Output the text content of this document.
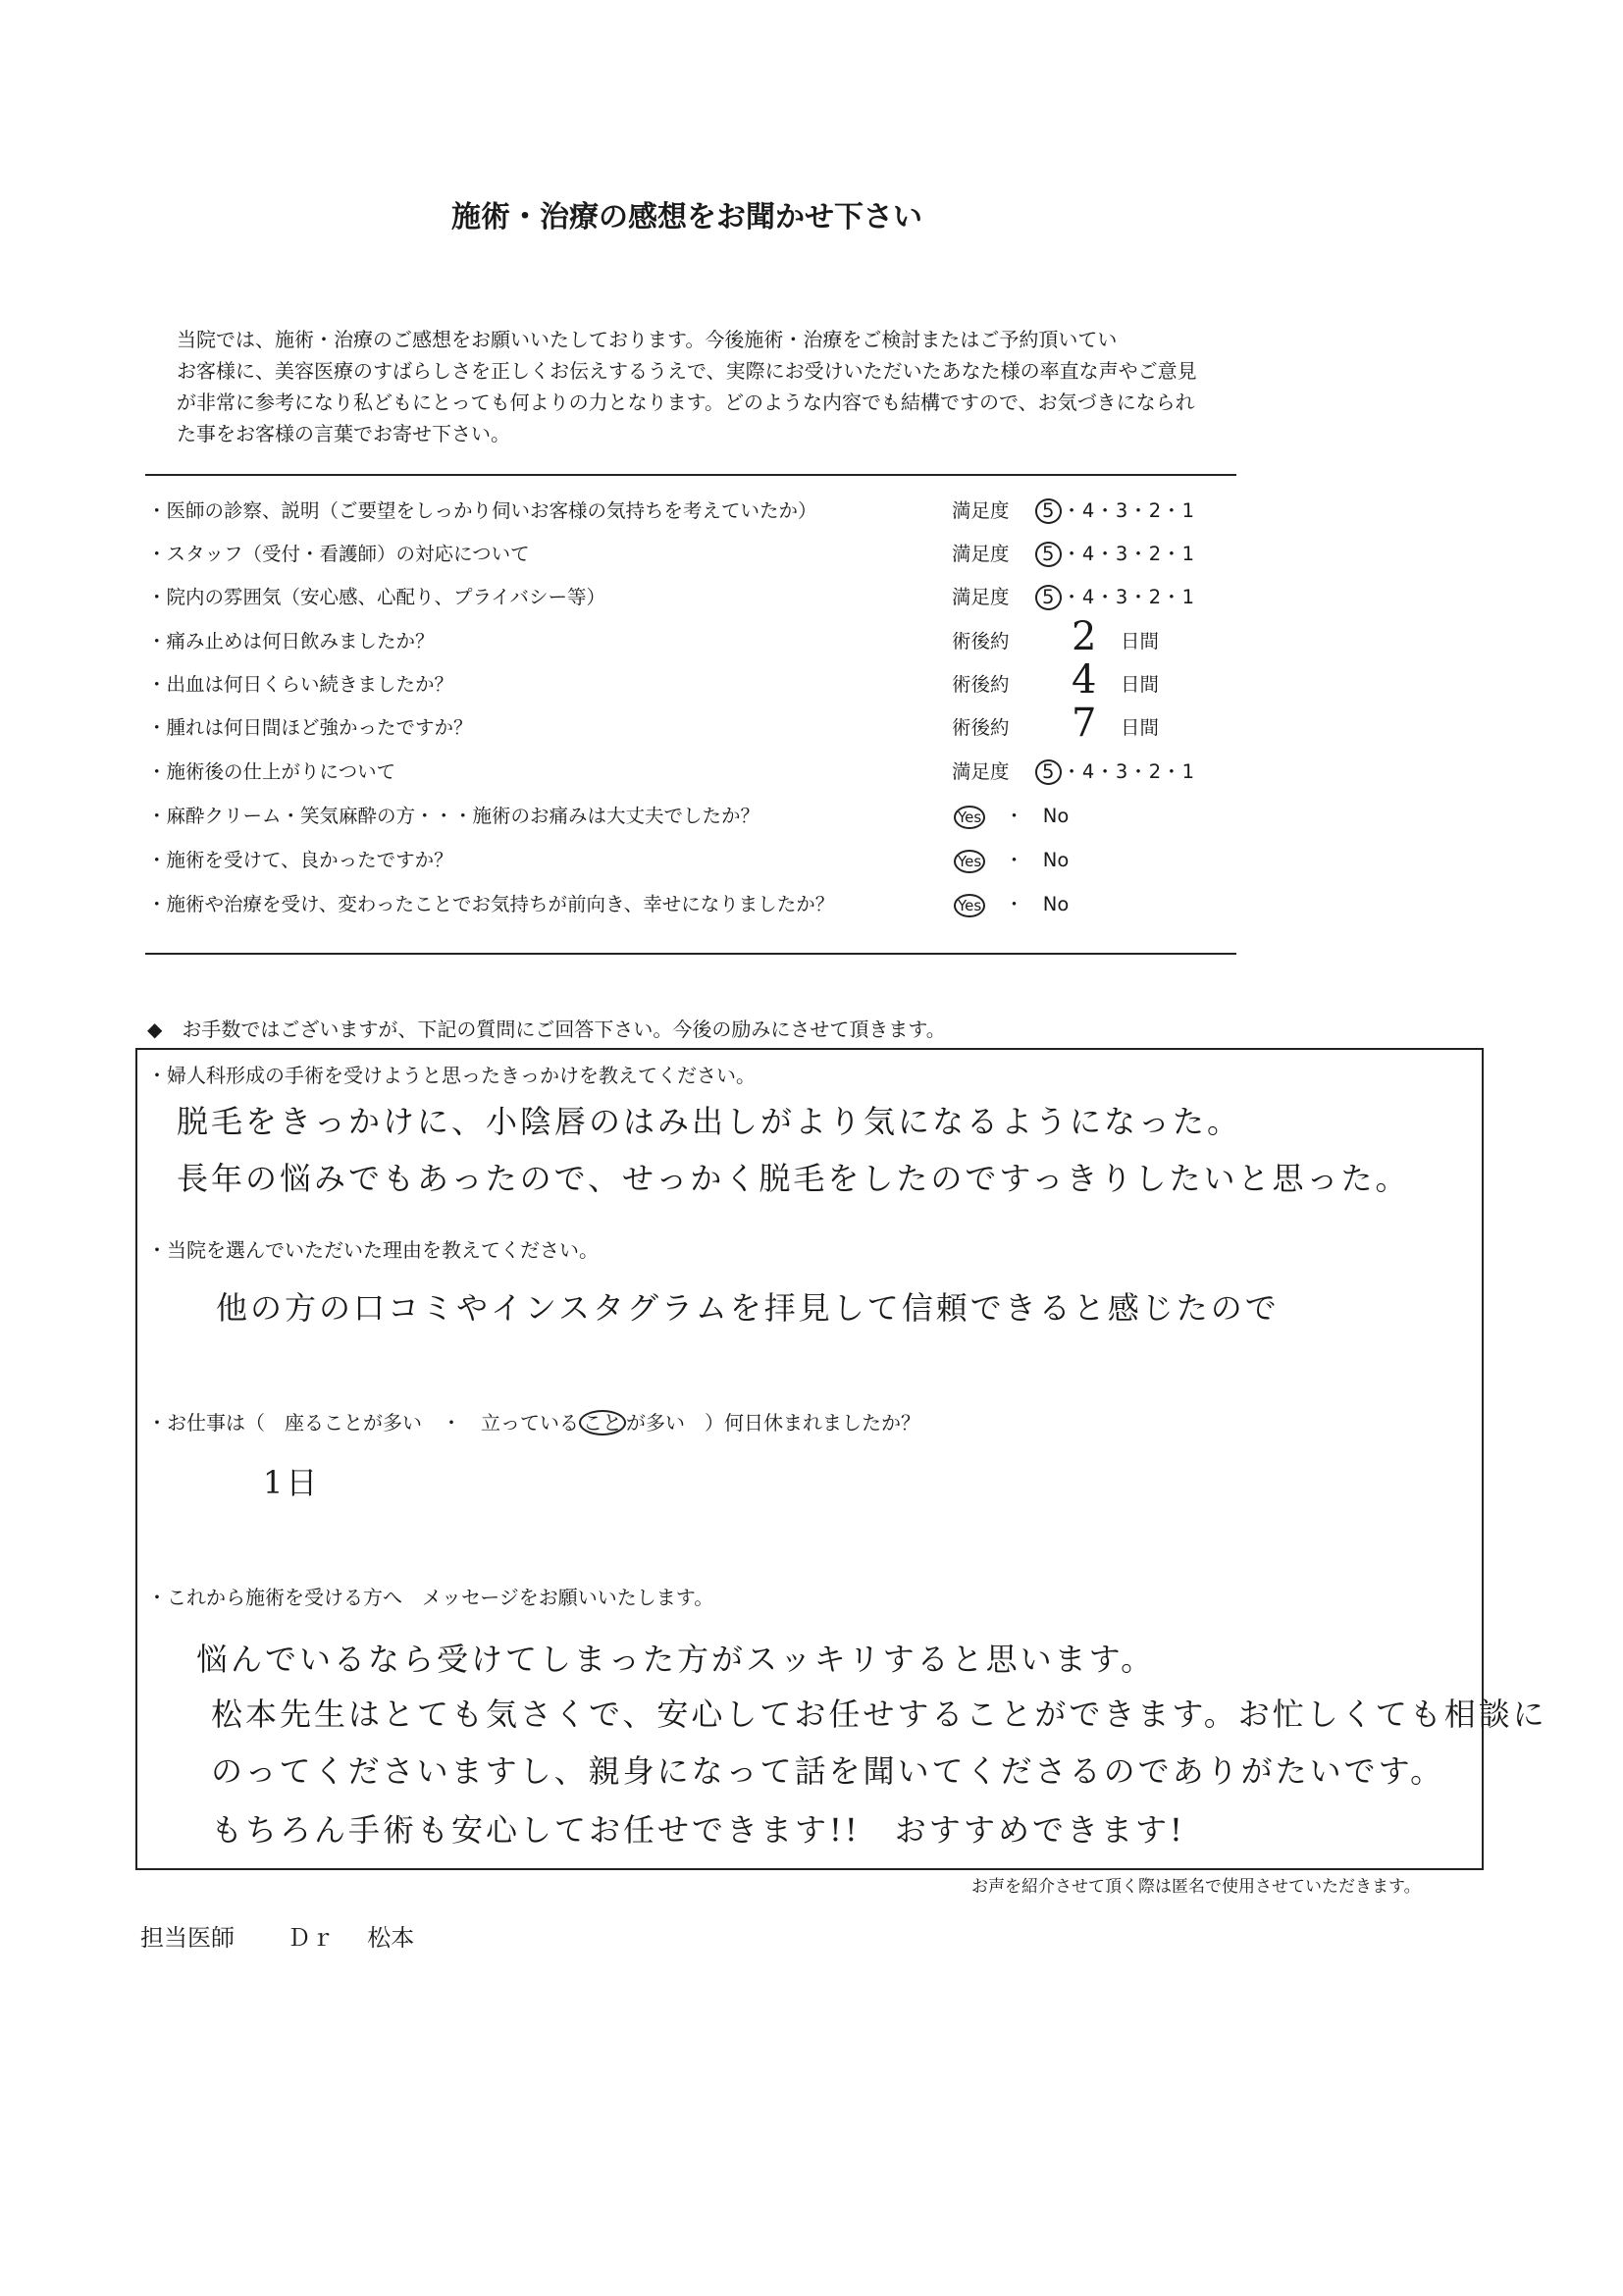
施術・治療の感想をお聞かせ下さい
当院では、施術・治療のご感想をお願いいたしております。今後施術・治療をご検討またはご予約頂いてい
お客様に、美容医療のすばらしさを正しくお伝えするうえで、実際にお受けいただいたあなた様の率直な声やご意見
が非常に参考になり私どもにとっても何よりの力となります。どのような内容でも結構ですので、お気づきになられ
た事をお客様の言葉でお寄せ下さい。
・医師の診察、説明（ご要望をしっかり伺いお客様の気持ちを考えていたか）	満足度	5 ・4・3・2・1
・スタッフ（受付・看護師）の対応について	満足度	5 ・4・3・2・1
・院内の雰囲気（安心感、心配り、プライバシー等）	満足度	5 ・4・3・2・1
・痛み止めは何日飲みましたか？	術後約 2 日間
・出血は何日くらい続きましたか？	術後約 4 日間
・腫れは何日間ほど強かったですか？	術後約 7 日間
・施術後の仕上がりについて	満足度	5 ・4・3・2・1
・麻酔クリーム・笑気麻酔の方・・・施術のお痛みは大丈夫でしたか？	Yes　 ・　 No
・施術を受けて、良かったですか？	Yes　 ・　 No
・施術や治療を受け、変わったことでお気持ちが前向き、幸せになりましたか？	Yes　 ・　 No
◆　お手数ではございますが、下記の質問にご回答下さい。今後の励みにさせて頂きます。
・婦人科形成の手術を受けようと思ったきっかけを教えてください。
脱毛をきっかけに、小陰唇のはみ出しがより気になるようになった。
長年の悩みでもあったので、せっかく脱毛をしたのですっきりしたいと思った。
・当院を選んでいただいた理由を教えてください。
他の方の口コミやインスタグラムを拝見して信頼できると感じたので
・お仕事は（　座ることが多い　・　立っている こと が多い　）何日休まれましたか？
1日
・これから施術を受ける方へ　メッセージをお願いいたします。
悩んでいるなら受けてしまった方がスッキリすると思います。
松本先生はとても気さくで、安心してお任せすることができます。お忙しくても相談に
のってくださいますし、親身になって話を聞いてくださるのでありがたいです。
もちろん手術も安心してお任せできます!!　おすすめできます!
お声を紹介させて頂く際は匿名で使用させていただきます。
担当医師 Ｄｒ 松本
